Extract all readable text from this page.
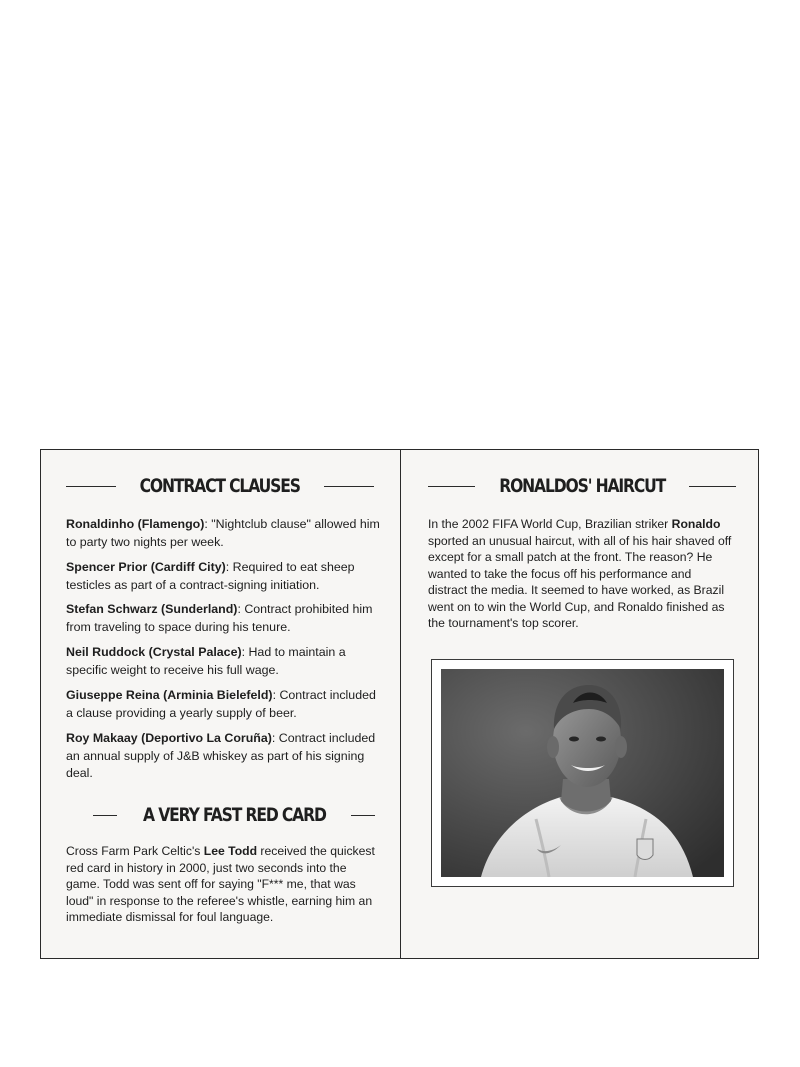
CONTRACT CLAUSES

Ronaldinho (Flamengo): "Nightclub clause" allowed him to party two nights per week.

Spencer Prior (Cardiff City): Required to eat sheep testicles as part of a contract-signing initiation.

Stefan Schwarz (Sunderland): Contract prohibited him from traveling to space during his tenure.

Neil Ruddock (Crystal Palace): Had to maintain a specific weight to receive his full wage.

Giuseppe Reina (Arminia Bielefeld): Contract included a clause providing a yearly supply of beer.

Roy Makaay (Deportivo La Coruña): Contract included an annual supply of J&B whiskey as part of his signing deal.

A VERY FAST RED CARD

Cross Farm Park Celtic's Lee Todd received the quickest red card in history in 2000, just two seconds into the game. Todd was sent off for saying "F*** me, that was loud" in response to the referee's whistle, earning him an immediate dismissal for foul language.

RONALDOS' HAIRCUT

In the 2002 FIFA World Cup, Brazilian striker Ronaldo sported an unusual haircut, with all of his hair shaved off except for a small patch at the front. The reason? He wanted to take the focus off his performance and distract the media. It seemed to have worked, as Brazil went on to win the World Cup, and Ronaldo finished as the tournament's top scorer.
